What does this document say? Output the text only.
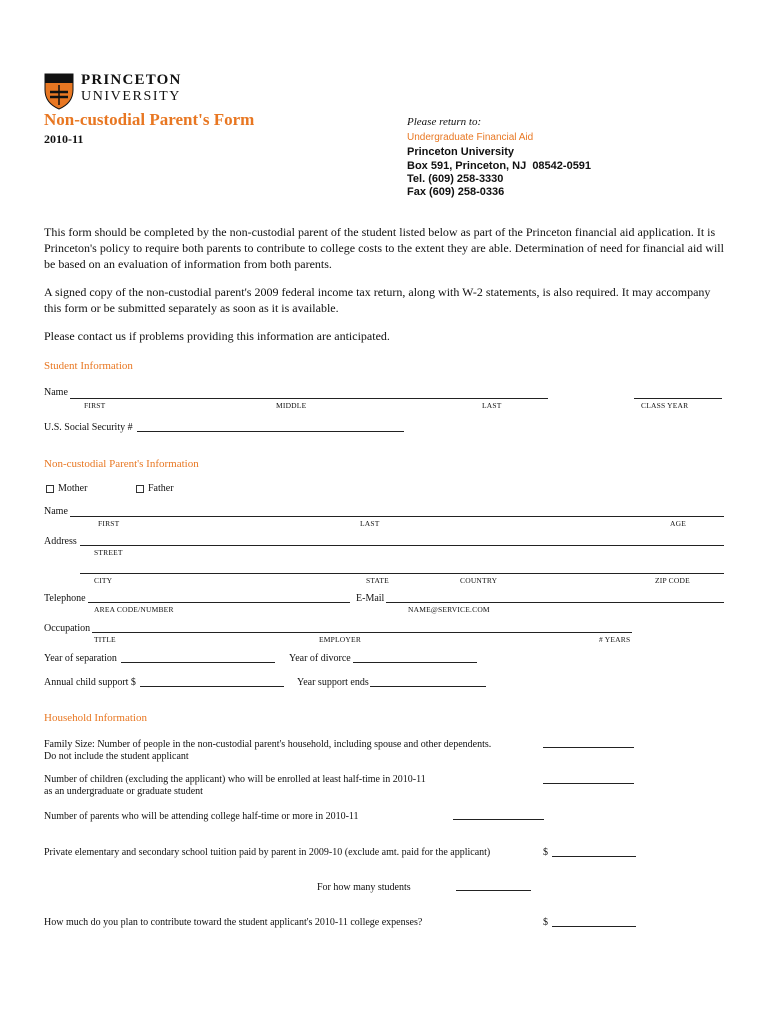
PRINCETON
UNIVERSITY
Non-custodial Parent's Form
2010-11
Please return to:
Undergraduate Financial Aid
Princeton University
Box 591, Princeton, NJ  08542-0591
Tel. (609) 258-3330
Fax (609) 258-0336
This form should be completed by the non-custodial parent of the student listed below as part of the Princeton financial aid application. It is Princeton's policy to require both parents to contribute to college costs to the extent they are able. Determination of need for financial aid will be based on an evaluation of information from both parents.
A signed copy of the non-custodial parent's 2009 federal income tax return, along with W-2 statements, is also required. It may accompany this form or be submitted separately as soon as it is available.
Please contact us if problems providing this information are anticipated.
Student Information
Name
FIRST	MIDDLE	LAST	CLASS YEAR
U.S. Social Security #
Non-custodial Parent's Information
Mother	Father
Name
FIRST	LAST	AGE
Address
STREET
CITY	STATE	COUNTRY	ZIP CODE
Telephone	E-Mail
AREA CODE/NUMBER	NAME@SERVICE.COM
Occupation
TITLE	EMPLOYER	# YEARS
Year of separation	Year of divorce
Annual child support $	Year support ends
Household Information
Family Size: Number of people in the non-custodial parent's household, including spouse and other dependents.
Do not include the student applicant
Number of children (excluding the applicant) who will be enrolled at least half-time in 2010-11
as an undergraduate or graduate student
Number of parents who will be attending college half-time or more in 2010-11
Private elementary and secondary school tuition paid by parent in 2009-10 (exclude amt. paid for the applicant)	$
For how many students
How much do you plan to contribute toward the student applicant's 2010-11 college expenses?	$
